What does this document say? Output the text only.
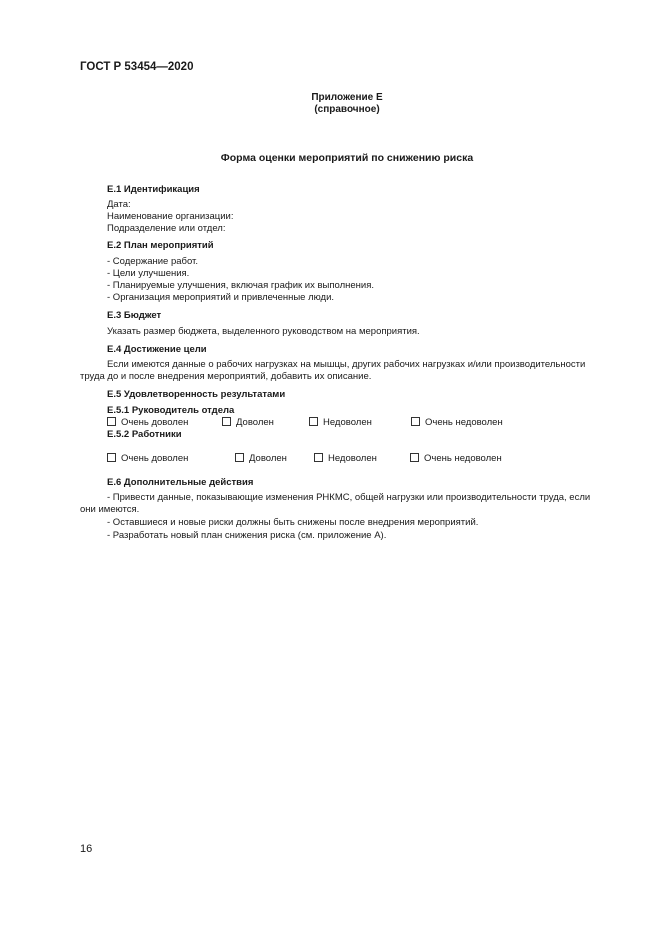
ГОСТ Р 53454—2020
Приложение Е
(справочное)
Форма оценки мероприятий по снижению риска
Е.1 Идентификация
Дата:
Наименование организации:
Подразделение или отдел:
Е.2 План мероприятий
- Содержание работ.
- Цели улучшения.
- Планируемые улучшения, включая график их выполнения.
- Организация мероприятий и привлеченные люди.
Е.3 Бюджет
Указать размер бюджета, выделенного руководством на мероприятия.
Е.4 Достижение цели
Если имеются данные о рабочих нагрузках на мышцы, других рабочих нагрузках и/или производительности
труда до и после внедрения мероприятий, добавить их описание.
Е.5 Удовлетворенность результатами
Е.5.1 Руководитель отдела
Очень доволен	Доволен	Недоволен	Очень недоволен
Е.5.2 Работники
Очень доволен	Доволен	Недоволен	Очень недоволен
Е.6 Дополнительные действия
- Привести данные, показывающие изменения РНКМС, общей нагрузки или производительности труда, если
они имеются.
- Оставшиеся и новые риски должны быть снижены после внедрения мероприятий.
- Разработать новый план снижения риска (см. приложение А).
16
